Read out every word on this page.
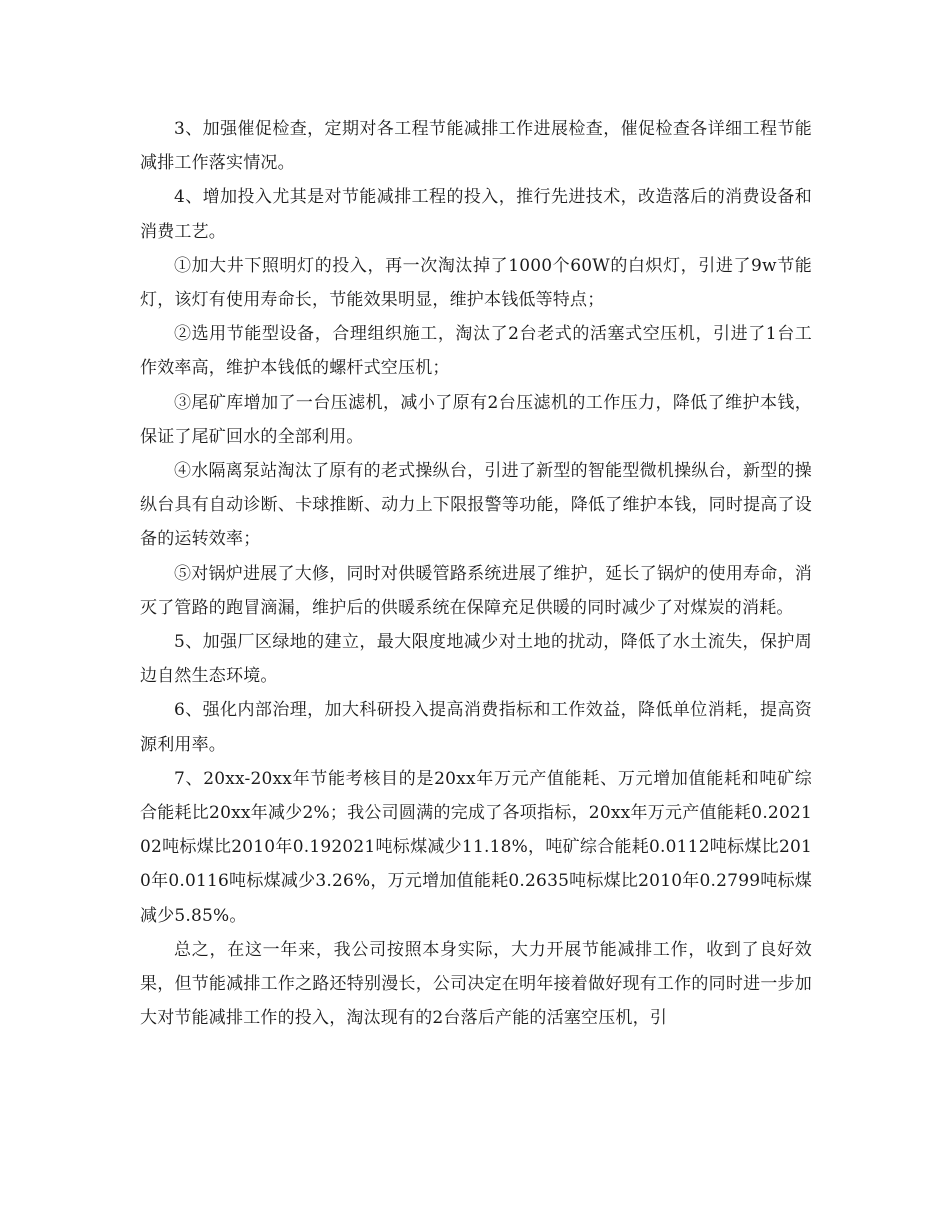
3、加强催促检查，定期对各工程节能减排工作进展检查，催促检查各详细工程节能减排工作落实情况。

4、增加投入尤其是对节能减排工程的投入，推行先进技术，改造落后的消费设备和消费工艺。

①加大井下照明灯的投入，再一次淘汰掉了1000个60W的白炽灯，引进了9w节能灯，该灯有使用寿命长，节能效果明显，维护本钱低等特点；

②选用节能型设备，合理组织施工，淘汰了2台老式的活塞式空压机，引进了1台工作效率高，维护本钱低的螺杆式空压机；

③尾矿库增加了一台压滤机，减小了原有2台压滤机的工作压力，降低了维护本钱，保证了尾矿回水的全部利用。

④水隔离泵站淘汰了原有的老式操纵台，引进了新型的智能型微机操纵台，新型的操纵台具有自动诊断、卡球推断、动力上下限报警等功能，降低了维护本钱，同时提高了设备的运转效率；

⑤对锅炉进展了大修，同时对供暖管路系统进展了维护，延长了锅炉的使用寿命，消灭了管路的跑冒滴漏，维护后的供暖系统在保障充足供暖的同时减少了对煤炭的消耗。

5、加强厂区绿地的建立，最大限度地减少对土地的扰动，降低了水土流失，保护周边自然生态环境。

6、强化内部治理，加大科研投入提高消费指标和工作效益，降低单位消耗，提高资源利用率。

7、20xx-20xx年节能考核目的是20xx年万元产值能耗、万元增加值能耗和吨矿综合能耗比20xx年减少2%；我公司圆满的完成了各项指标，20xx年万元产值能耗0.202102吨标煤比2010年0.192021吨标煤减少11.18%，吨矿综合能耗0.0112吨标煤比2010年0.0116吨标煤减少3.26%，万元增加值能耗0.2635吨标煤比2010年0.2799吨标煤减少5.85%。

总之，在这一年来，我公司按照本身实际，大力开展节能减排工作，收到了良好效果，但节能减排工作之路还特别漫长，公司决定在明年接着做好现有工作的同时进一步加大对节能减排工作的投入，淘汰现有的2台落后产能的活塞空压机，引
